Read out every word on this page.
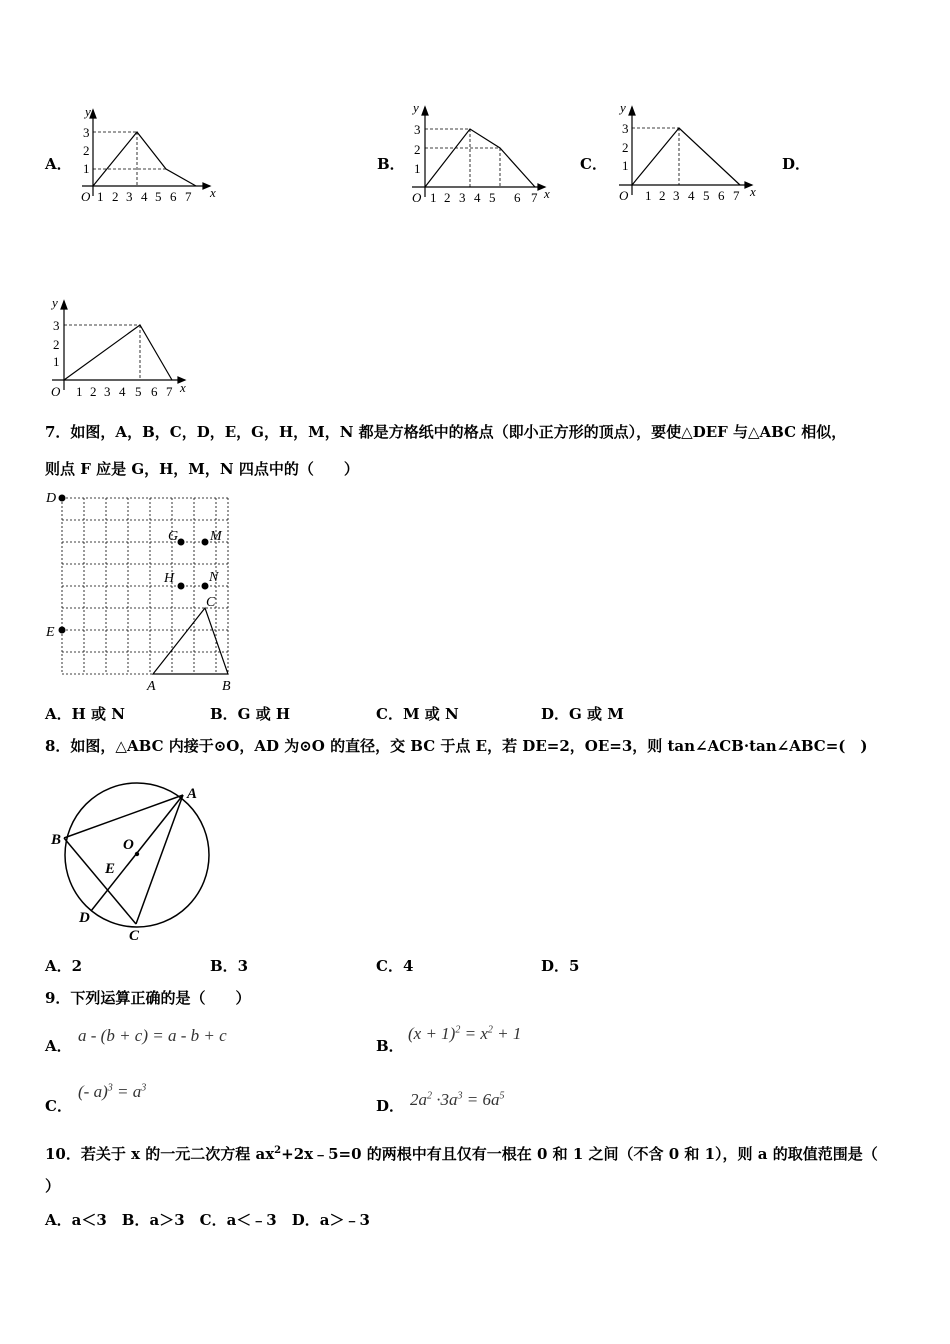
A．	B．	C．	D．
y
x
O
1
2
3
1 2 3 4 5 6 7
y
x
O
1
2
3
1 2 3 4 5 6 7
y
x
O
1
2
3
1 2 3 4 5 6 7
y
x
O
1
2
3
1 2 3 4 5 6 7
7．如图，A，B，C，D，E，G，H，M，N 都是方格纸中的格点（即小正方形的顶点），要使△DEF 与△ABC 相似，
则点 F 应是 G，H，M，N 四点中的（　　）
D
E
G M
H N
C
A	B
A．H 或 N	B．G 或 H	C．M 或 N	D．G 或 M
8．如图，△ABC 内接于⊙O，AD 为⊙O 的直径，交 BC 于点 E，若 DE=2，OE=3，则 tan∠ACB·tan∠ABC=(　)
A
B
C
D
E
O
A．2	B．3	C．4	D．5
9．下列运算正确的是（　　）
A．
a - (b + c) = a - b + c
B．
$(x + 1)^2 = x^2 + 1$
C．
(- $a)^3 = a^3$
D． $2a^2 \cdot 3a^3 = 6a^5$
10．若关于 x 的一元二次方程 $ax^2+2x﹣5=0$ 的两根中有且仅有一根在 0 和 1 之间（不含 0 和 1），则 a 的取值范围是（
）
A．a＜3　B．a＞3　C．a＜﹣3　D．a＞﹣3
